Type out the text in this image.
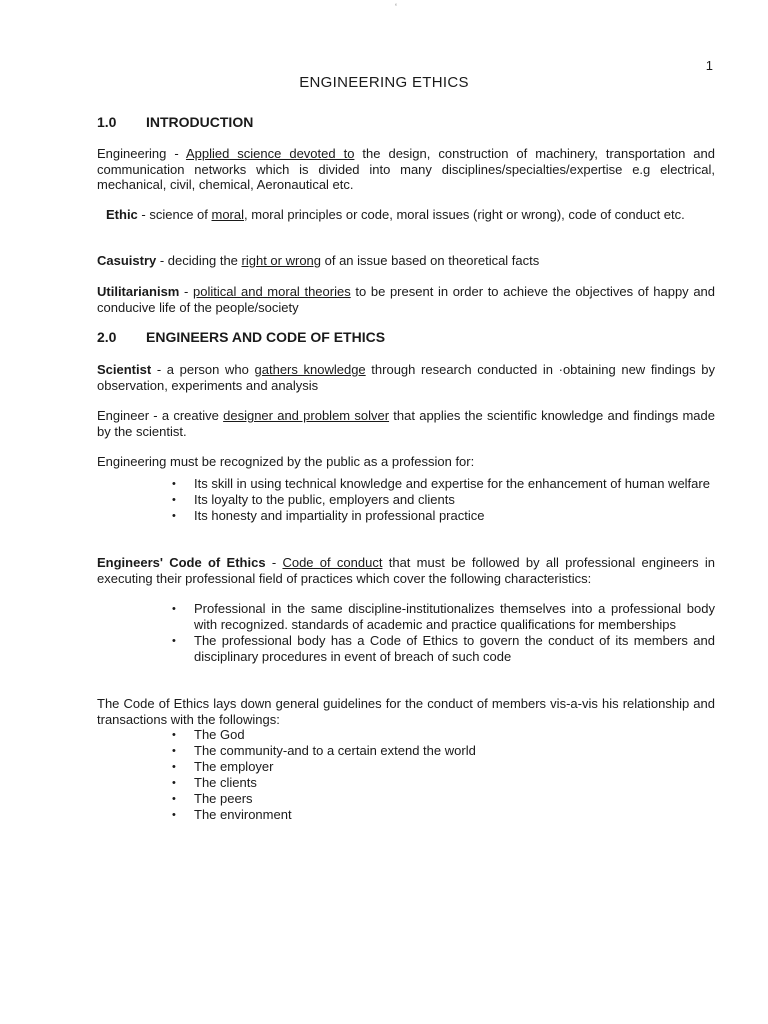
‘
1
ENGINEERING ETHICS
1.0 INTRODUCTION
Engineering - Applied science devoted to the design, construction of machinery, transportation and communication networks which is divided into many disciplines/specialties/expertise e.g electrical, mechanical, civil, chemical, Aeronautical etc.
Ethic - science of moral, moral principles or code, moral issues (right or wrong), code of conduct etc.
Casuistry - deciding the right or wrong of an issue based on theoretical facts
Utilitarianism - political and moral theories to be present in order to achieve the objectives of happy and conducive life of the people/society
2.0 ENGINEERS AND CODE OF ETHICS
Scientist - a person who gathers knowledge through research conducted in ·obtaining new findings by observation, experiments and analysis
Engineer - a creative designer and problem solver that applies the scientific knowledge and findings made by the scientist.
Engineering must be recognized by the public as a profession for:
• Its skill in using technical knowledge and expertise for the enhancement of human welfare
• Its loyalty to the public, employers and clients
• Its honesty and impartiality in professional practice
Engineers' Code of Ethics - Code of conduct that must be followed by all professional engineers in executing their professional field of practices which cover the following characteristics:
• Professional in the same discipline-institutionalizes themselves into a professional body with recognized. standards of academic and practice qualifications for memberships
• The professional body has a Code of Ethics to govern the conduct of its members and disciplinary procedures in event of breach of such code
The Code of Ethics lays down general guidelines for the conduct of members vis-a-vis his relationship and transactions with the followings:
• The God
• The community-and to a certain extend the world
• The employer
• The clients
• The peers
• The environment
